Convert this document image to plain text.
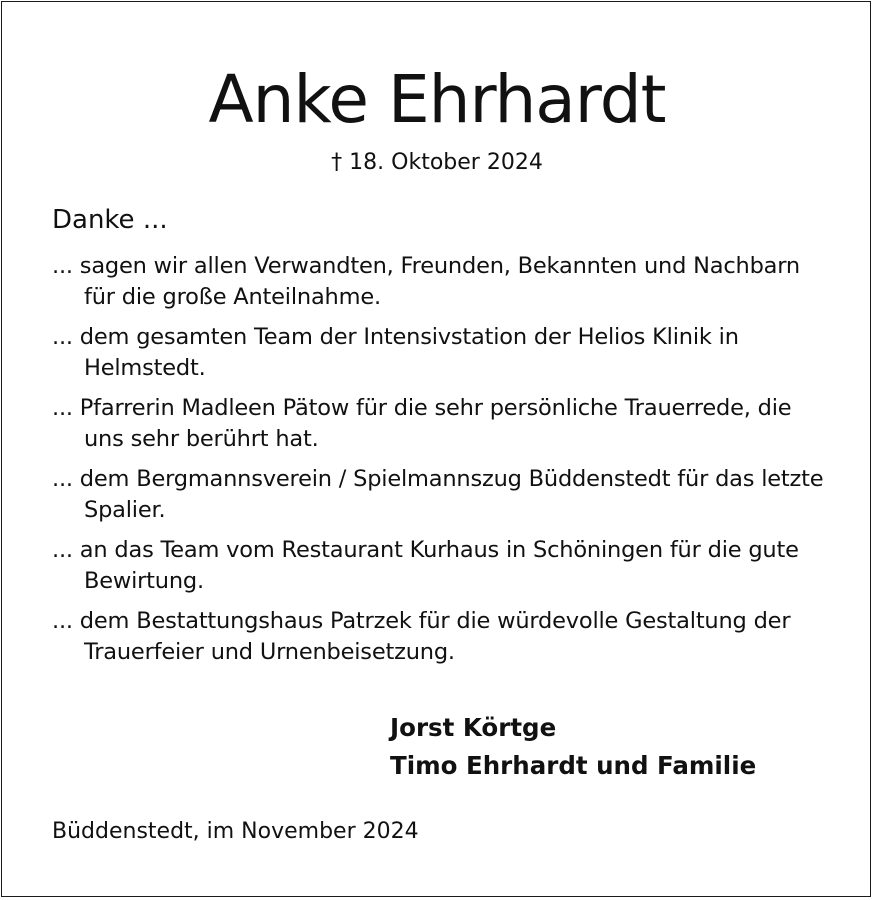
Anke Ehrhardt
† 18. Oktober 2024
Danke ...
... sagen wir allen Verwandten, Freunden, Bekannten und Nachbarn für die große Anteilnahme.
... dem gesamten Team der Intensivstation der Helios Klinik in Helmstedt.
... Pfarrerin Madleen Pätow für die sehr persönliche Trauerrede, die uns sehr berührt hat.
... dem Bergmannsverein / Spielmannszug Büddenstedt für das letzte Spalier.
... an das Team vom Restaurant Kurhaus in Schöningen für die gute Bewirtung.
... dem Bestattungshaus Patrzek für die würdevolle Gestaltung der Trauerfeier und Urnenbeisetzung.
Jorst Körtge
Timo Ehrhardt und Familie
Büddenstedt, im November 2024
